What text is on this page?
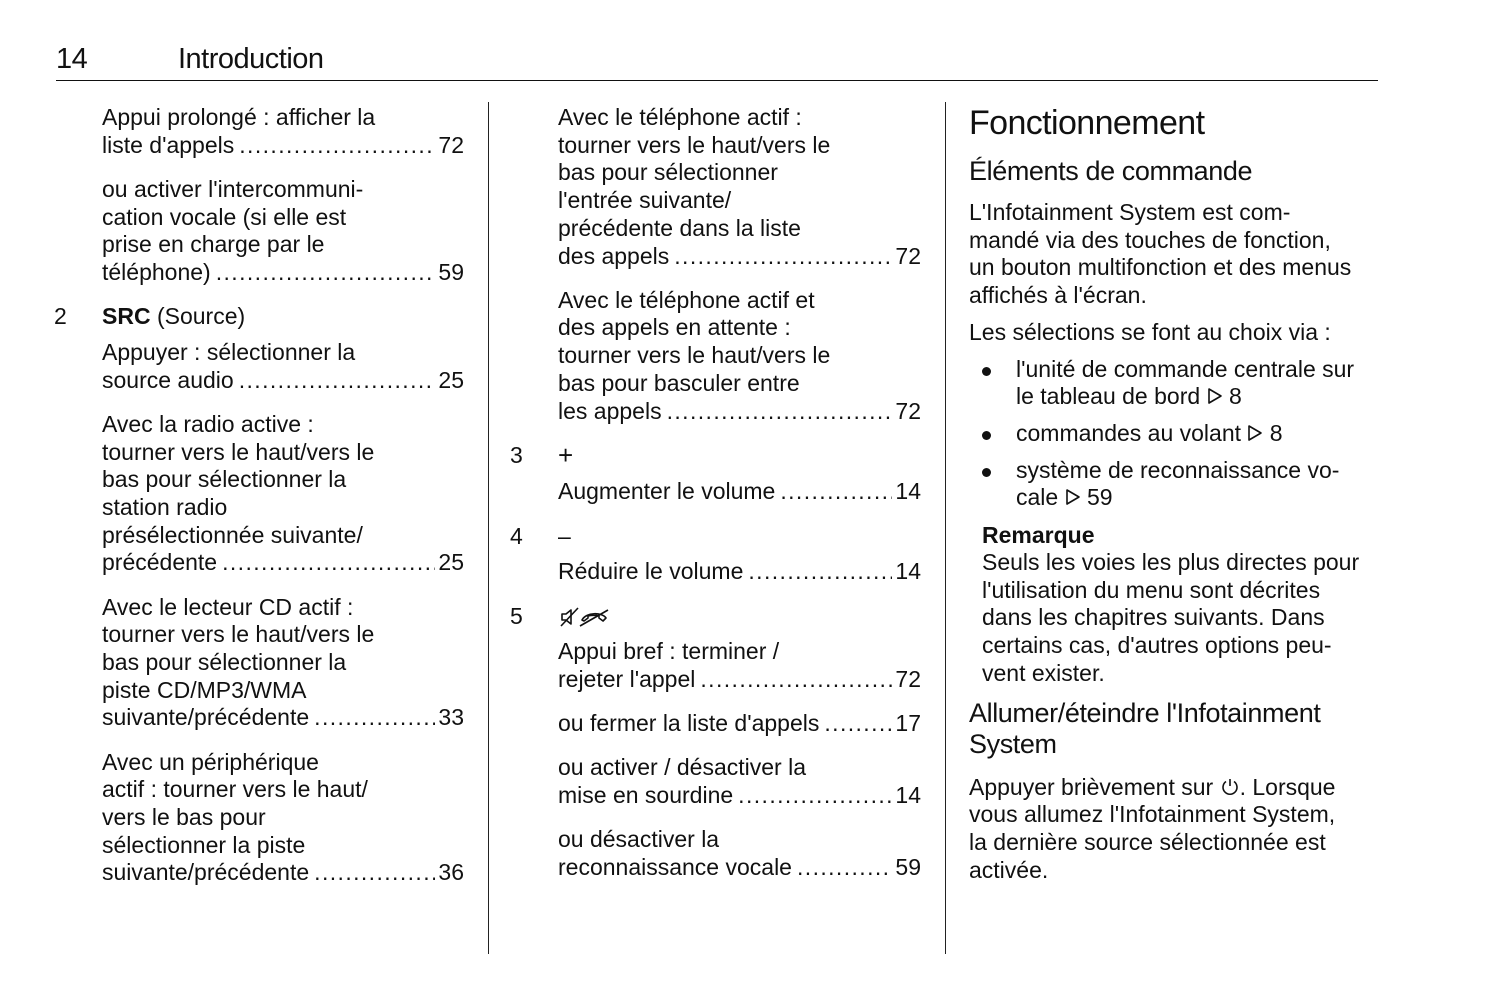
14	Introduction
Appui prolongé : afficher la
liste d'appels .....	72
ou activer l'intercommuni-
cation vocale (si elle est
prise en charge par le
téléphone) .....	59
2 SRC (Source)
Appuyer : sélectionner la
source audio .....	25
Avec la radio active :
tourner vers le haut/vers le
bas pour sélectionner la
station radio
présélectionnée suivante/
précédente .....	25
Avec le lecteur CD actif :
tourner vers le haut/vers le
bas pour sélectionner la
piste CD/MP3/WMA
suivante/précédente .....	33
Avec un périphérique
actif : tourner vers le haut/
vers le bas pour
sélectionner la piste
suivante/précédente .....	36
Avec le téléphone actif :
tourner vers le haut/vers le
bas pour sélectionner
l'entrée suivante/
précédente dans la liste
des appels .....	72
Avec le téléphone actif et
des appels en attente :
tourner vers le haut/vers le
bas pour basculer entre
les appels .....	72
3 +
Augmenter le volume .....	14
4 –
Réduire le volume .....	14
5
Appui bref : terminer /
rejeter l'appel .....	72
ou fermer la liste d'appels .....	17
ou activer / désactiver la
mise en sourdine .....	14
ou désactiver la
reconnaissance vocale .....	59
Fonctionnement
Éléments de commande

L'Infotainment System est com-
mandé via des touches de fonction,
un bouton multifonction et des menus
affichés à l'écran.

Les sélections se font au choix via :

l'unité de commande centrale sur
le tableau de bord 8
commandes au volant 8
système de reconnaissance vo-
cale 59
Remarque
Seuls les voies les plus directes pour
l'utilisation du menu sont décrites
dans les chapitres suivants. Dans
certains cas, d'autres options peu-
vent exister.
Allumer/éteindre l'Infotainment
System

Appuyer brièvement sur . Lorsque
vous allumez l'Infotainment System,
la dernière source sélectionnée est
activée.
